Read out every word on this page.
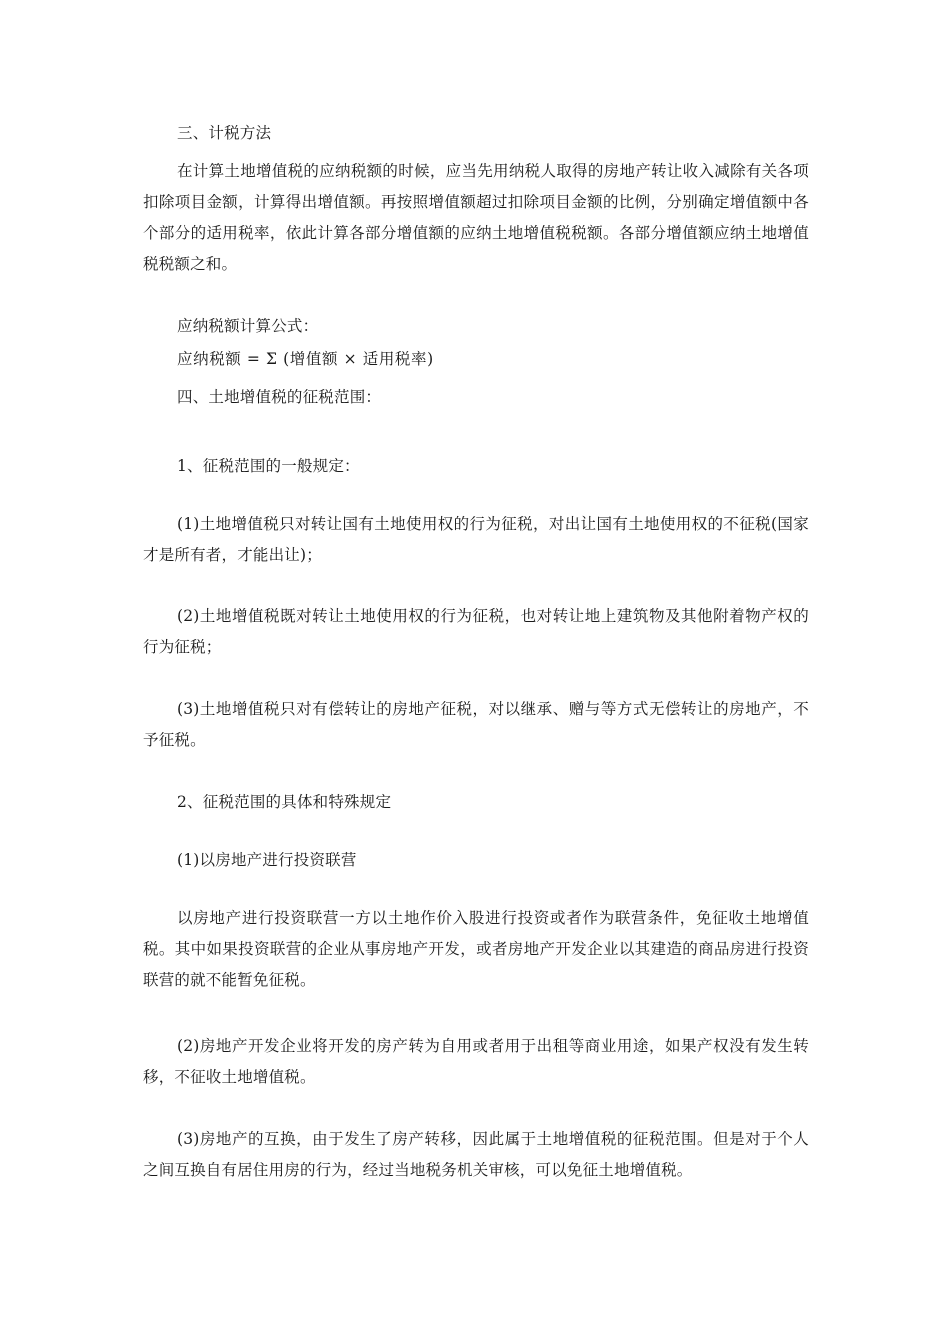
三、计税方法

在计算土地增值税的应纳税额的时候，应当先用纳税人取得的房地产转让收入减除有关各项扣除项目金额，计算得出增值额。再按照增值额超过扣除项目金额的比例，分别确定增值额中各个部分的适用税率，依此计算各部分增值额的应纳土地增值税税额。各部分增值额应纳土地增值税税额之和。

应纳税额计算公式：

应纳税额 = Σ (增值额 × 适用税率)

四、土地增值税的征税范围：

1、征税范围的一般规定：

(1)土地增值税只对转让国有土地使用权的行为征税，对出让国有土地使用权的不征税(国家才是所有者，才能出让)；

(2)土地增值税既对转让土地使用权的行为征税，也对转让地上建筑物及其他附着物产权的行为征税；

(3)土地增值税只对有偿转让的房地产征税，对以继承、赠与等方式无偿转让的房地产，不予征税。

2、征税范围的具体和特殊规定

(1)以房地产进行投资联营

以房地产进行投资联营一方以土地作价入股进行投资或者作为联营条件，免征收土地增值税。其中如果投资联营的企业从事房地产开发，或者房地产开发企业以其建造的商品房进行投资联营的就不能暂免征税。

(2)房地产开发企业将开发的房产转为自用或者用于出租等商业用途，如果产权没有发生转移，不征收土地增值税。

(3)房地产的互换，由于发生了房产转移，因此属于土地增值税的征税范围。但是对于个人之间互换自有居住用房的行为，经过当地税务机关审核，可以免征土地增值税。
